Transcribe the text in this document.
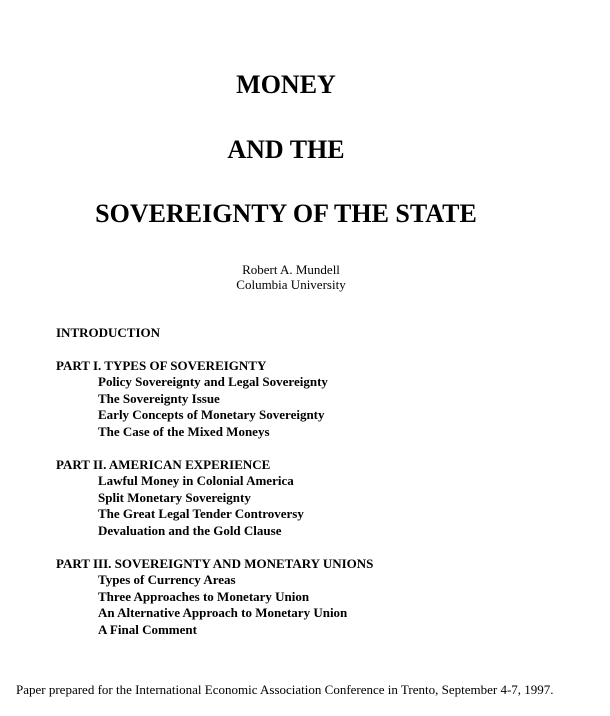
MONEY
AND THE
SOVEREIGNTY OF THE STATE
Robert A. Mundell
Columbia University
INTRODUCTION
PART I. TYPES OF SOVEREIGNTY
Policy Sovereignty and Legal Sovereignty
The Sovereignty Issue
Early Concepts of Monetary Sovereignty
The Case of the Mixed Moneys
PART II. AMERICAN EXPERIENCE
Lawful Money in Colonial America
Split Monetary Sovereignty
The Great Legal Tender Controversy
Devaluation and the Gold Clause
PART III. SOVEREIGNTY AND MONETARY UNIONS
Types of Currency Areas
Three Approaches to Monetary Union
An Alternative Approach to Monetary Union
A Final Comment
Paper prepared for the International Economic Association Conference in Trento, September 4-7, 1997.
